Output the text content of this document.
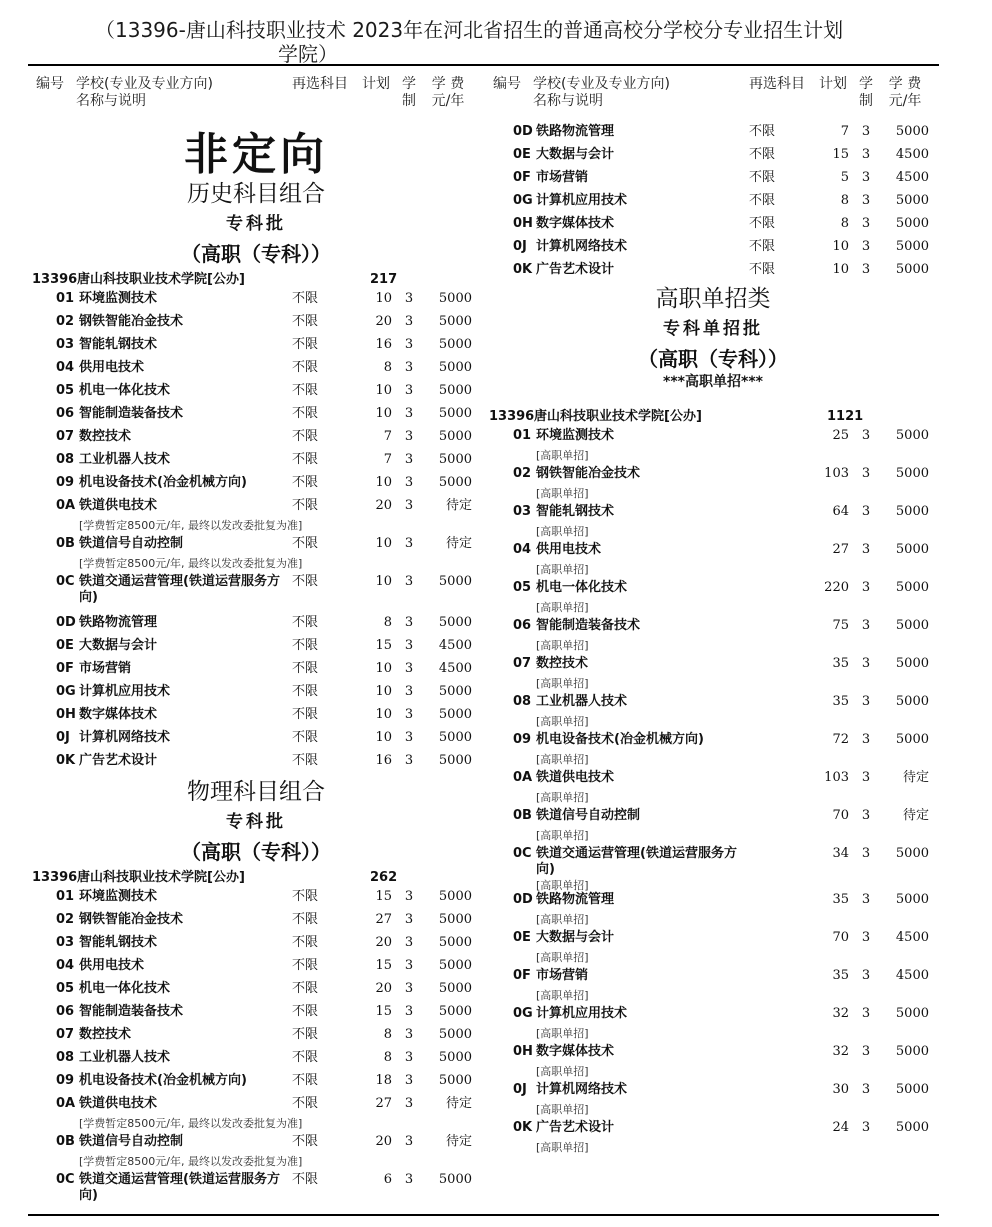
（13396-唐山科技职业技术 2023年在河北省招生的普通高校分学校分专业招生计划
学院）
编号 学校(专业及专业方向)
名称与说明
再选科目 计划 学
制
学 费
元/年
非定向
历史科目组合
专科批
（高职（专科））
13396 唐山科技职业技术学院[公办]	217
01 环境监测技术	不限	10 3	5000
02 钢铁智能冶金技术	不限	20 3	5000
03 智能轧钢技术	不限	16 3	5000
04 供用电技术	不限	8 3	5000
05 机电一体化技术	不限	10 3	5000
06 智能制造装备技术	不限	10 3	5000
07 数控技术	不限	7 3	5000
08 工业机器人技术	不限	7 3	5000
09 机电设备技术(冶金机械方向)	不限	10 3	5000
0A 铁道供电技术	不限	20 3	待定
[学费暂定8500元/年, 最终以发改委批复为准]
0B 铁道信号自动控制	不限	10 3	待定
[学费暂定8500元/年, 最终以发改委批复为准]
0C 铁道交通运营管理(铁道运营服务方向)
不限	10 3	5000
0D 铁路物流管理	不限	8 3	5000
0E 大数据与会计	不限	15 3	4500
0F 市场营销	不限	10 3	4500
0G 计算机应用技术	不限	10 3	5000
0H 数字媒体技术	不限	10 3	5000
0J 计算机网络技术	不限	10 3	5000
0K 广告艺术设计	不限	16 3	5000
物理科目组合
专科批
（高职（专科））
13396 唐山科技职业技术学院[公办]	262
01 环境监测技术	不限	15 3	5000
02 钢铁智能冶金技术	不限	27 3	5000
03 智能轧钢技术	不限	20 3	5000
04 供用电技术	不限	15 3	5000
05 机电一体化技术	不限	20 3	5000
06 智能制造装备技术	不限	15 3	5000
07 数控技术	不限	8 3	5000
08 工业机器人技术	不限	8 3	5000
09 机电设备技术(冶金机械方向)	不限	18 3	5000
0A 铁道供电技术	不限	27 3	待定
[学费暂定8500元/年, 最终以发改委批复为准]
0B 铁道信号自动控制	不限	20 3	待定
[学费暂定8500元/年, 最终以发改委批复为准]
0C 铁道交通运营管理(铁道运营服务方向)
不限	6 3	5000
编号 学校(专业及专业方向)
名称与说明
再选科目 计划 学
制
学 费
元/年
0D 铁路物流管理	不限	7 3	5000
0E 大数据与会计	不限	15 3	4500
0F 市场营销	不限	5 3	4500
0G 计算机应用技术	不限	8 3	5000
0H 数字媒体技术	不限	8 3	5000
0J 计算机网络技术	不限	10 3	5000
0K 广告艺术设计	不限	10 3	5000
高职单招类
专科单招批
（高职（专科））
***高职单招***
13396 唐山科技职业技术学院[公办]	1121
01 环境监测技术	25 3	5000
[高职单招]
02 钢铁智能冶金技术	103 3	5000
[高职单招]
03 智能轧钢技术	64 3	5000
[高职单招]
04 供用电技术	27 3	5000
[高职单招]
05 机电一体化技术	220 3	5000
[高职单招]
06 智能制造装备技术	75 3	5000
[高职单招]
07 数控技术	35 3	5000
[高职单招]
08 工业机器人技术	35 3	5000
[高职单招]
09 机电设备技术(冶金机械方向)	72 3	5000
[高职单招]
0A 铁道供电技术	103 3	待定
[高职单招]
0B 铁道信号自动控制	70 3	待定
[高职单招]
0C 铁道交通运营管理(铁道运营服务方向)
34 3	5000
[高职单招]
0D 铁路物流管理	35 3	5000
[高职单招]
0E 大数据与会计	70 3	4500
[高职单招]
0F 市场营销	35 3	4500
[高职单招]
0G 计算机应用技术	32 3	5000
[高职单招]
0H 数字媒体技术	32 3	5000
[高职单招]
0J 计算机网络技术	30 3	5000
[高职单招]
0K 广告艺术设计	24 3	5000
[高职单招]
